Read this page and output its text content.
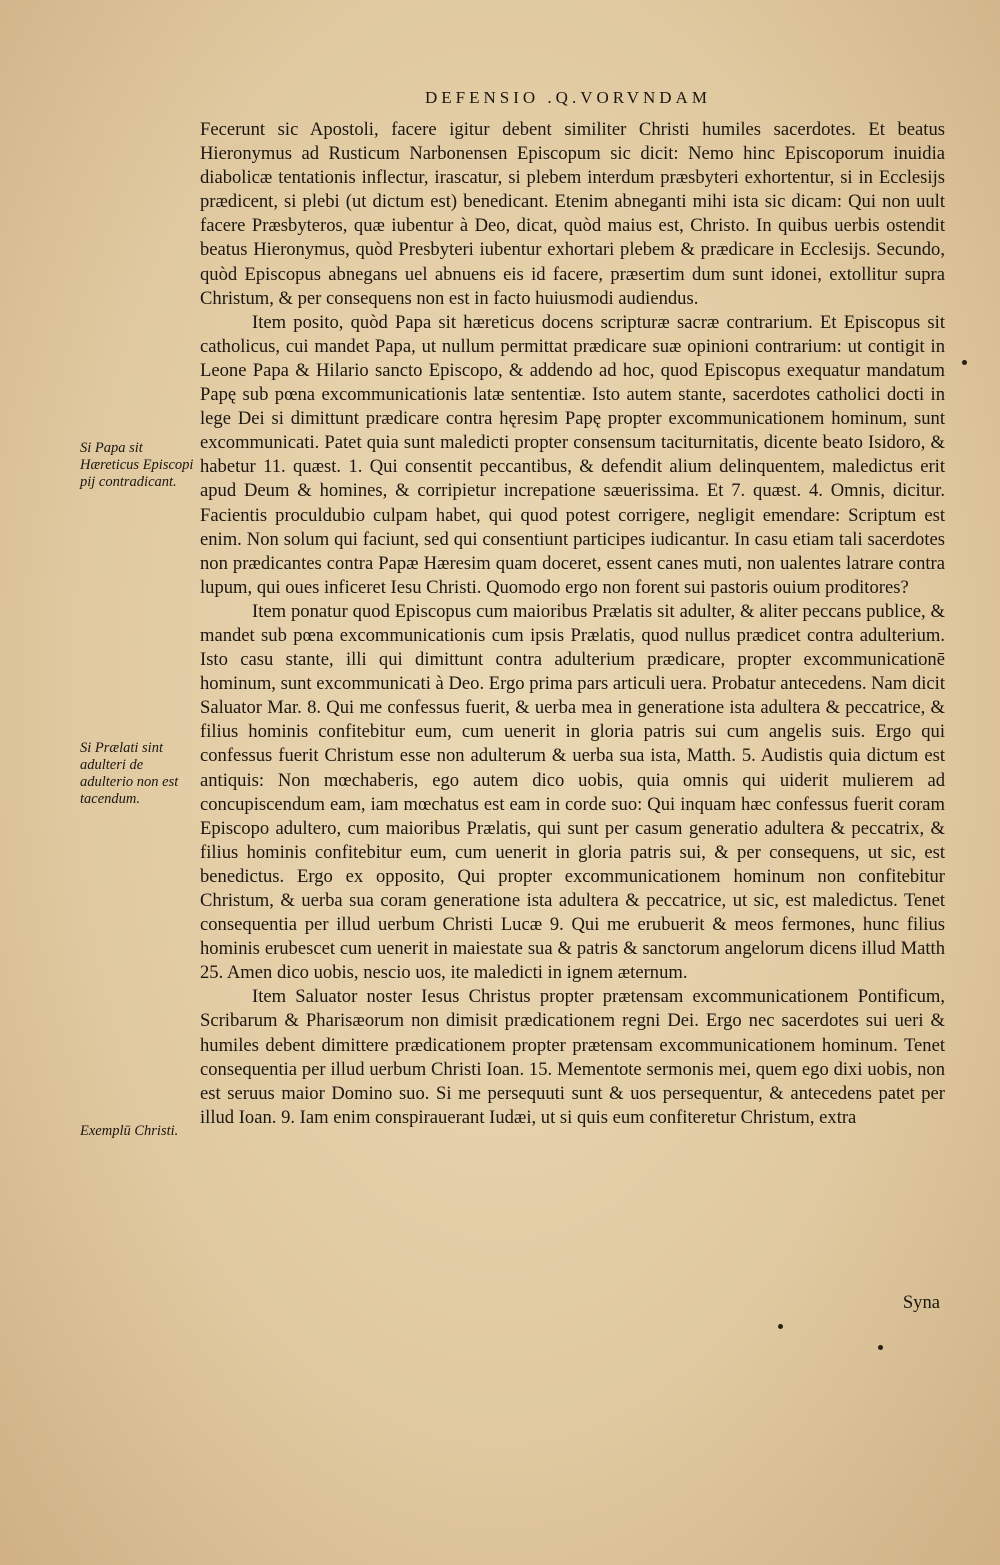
DEFENSIO .Q.VORVNDAM

Fecerunt sic Apostoli, facere igitur debent similiter Christi humiles sacerdotes. Et beatus Hieronymus ad Rusticum Narbonensen Episcopum sic dicit: Nemo hinc Episcoporum inuidia diabolicæ tentationis inflectur, irascatur, si plebem interdum præsbyteri exhortentur, si in Ecclesijs prædicent, si plebi (ut dictum est) benedicant. Etenim abneganti mihi ista sic dicam: Qui non uult facere Præsbyteros, quæ iubentur à Deo, dicat, quòd maius est, Christo. In quibus uerbis ostendit beatus Hieronymus, quòd Presbyteri iubentur exhortari plebem & prædicare in Ecclesijs. Secundo, quòd Episcopus abnegans uel abnuens eis id facere, præsertim dum sunt idonei, extollitur supra Christum, & per consequens non est in facto huiusmodi audiendus.

Item posito, quòd Papa sit hæreticus docens scripturæ sacræ contrarium. Et Episcopus sit catholicus, cui mandet Papa, ut nullum permittat prædicare suæ opinioni contrarium: ut contigit in Leone Papa & Hilario sancto Episcopo, & addendo ad hoc, quod Episcopus exequatur mandatum Papę sub pœna excommunicationis latæ sententiæ. Isto autem stante, sacerdotes catholici docti in lege Dei si dimittunt prædicare contra hęresim Papę propter excommunicationem hominum, sunt excommunicati. Patet quia sunt maledicti propter consensum taciturnitatis, dicente beato Isidoro, & habetur 11. quæst. 1. Qui consentit peccantibus, & defendit alium delinquentem, maledictus erit apud Deum & homines, & corripietur increpatione sæuerissima. Et 7. quæst. 4. Omnis, dicitur. Facientis proculdubio culpam habet, qui quod potest corrigere, negligit emendare: Scriptum est enim. Non solum qui faciunt, sed qui consentiunt participes iudicantur. In casu etiam tali sacerdotes non prædicantes contra Papæ Hæresim quam doceret, essent canes muti, non ualentes latrare contra lupum, qui oues inficeret Iesu Christi. Quomodo ergo non forent sui pastoris ouium proditores?

Item ponatur quod Episcopus cum maioribus Prælatis sit adulter, & aliter peccans publice, & mandet sub pœna excommunicationis cum ipsis Prælatis, quod nullus prædicet contra adulterium. Isto casu stante, illi qui dimittunt contra adulterium prædicare, propter excommunicationē hominum, sunt excommunicati à Deo. Ergo prima pars articuli uera. Probatur antecedens. Nam dicit Saluator Mar. 8. Qui me confessus fuerit, & uerba mea in generatione ista adultera & peccatrice, & filius hominis confitebitur eum, cum uenerit in gloria patris sui cum angelis suis. Ergo qui confessus fuerit Christum esse non adulterum & uerba sua ista, Matth. 5. Audistis quia dictum est antiquis: Non mœchaberis, ego autem dico uobis, quia omnis qui uiderit mulierem ad concupiscendum eam, iam mœchatus est eam in corde suo: Qui inquam hæc confessus fuerit coram Episcopo adultero, cum maioribus Prælatis, qui sunt per casum generatio adultera & peccatrix, & filius hominis confitebitur eum, cum uenerit in gloria patris sui, & per consequens, ut sic, est benedictus. Ergo ex opposito, Qui propter excommunicationem hominum non confitebitur Christum, & uerba sua coram generatione ista adultera & peccatrice, ut sic, est maledictus. Tenet consequentia per illud uerbum Christi Lucæ 9. Qui me erubuerit & meos fermones, hunc filius hominis erubescet cum uenerit in maiestate sua & patris & sanctorum angelorum dicens illud Matth 25. Amen dico uobis, nescio uos, ite maledicti in ignem æternum.

Item Saluator noster Iesus Christus propter prætensam excommunicationem Pontificum, Scribarum & Pharisæorum non dimisit prædicationem regni Dei. Ergo nec sacerdotes sui ueri & humiles debent dimittere prædicationem propter prætensam excommunicationem hominum. Tenet consequentia per illud uerbum Christi Ioan. 15. Mementote sermonis mei, quem ego dixi uobis, non est seruus maior Domino suo. Si me persequuti sunt & uos persequentur, & antecedens patet per illud Ioan. 9. Iam enim conspirauerant Iudæi, ut si quis eum confiteretur Christum, extra

Syna
Si Papa sit Hæreticus Episcopi pij contradicant.
Si Prælati sint adulteri de adulterio non est tacendum.
Exemplū Christi.
